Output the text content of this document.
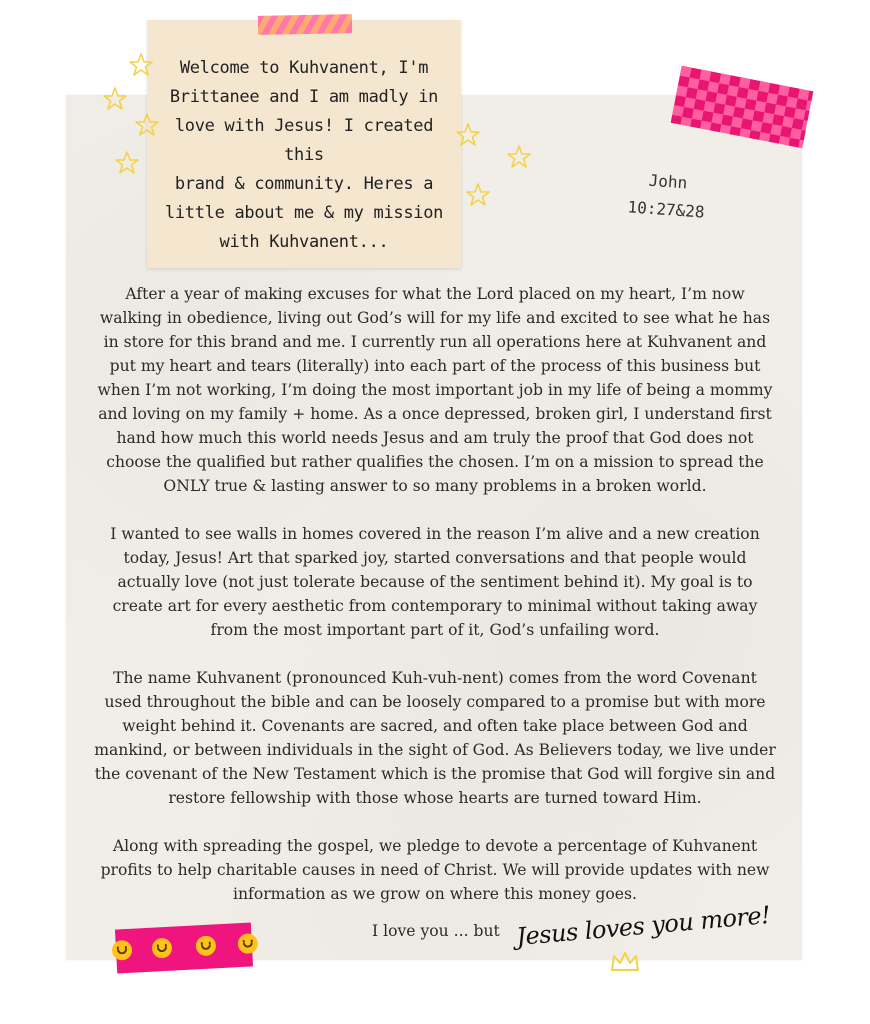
Welcome to Kuhvanent, I'm
Brittanee and I am madly in
love with Jesus! I created this
brand & community. Heres a
little about me & my mission
with Kuhvanent...
John
10:27&28

After a year of making excuses for what the Lord placed on my heart, I’m now walking in obedience, living out God’s will for my life and excited to see what he has in store for this brand and me. I currently run all operations here at Kuhvanent and put my heart and tears (literally) into each part of the process of this business but when I’m not working, I’m doing the most important job in my life of being a mommy and loving on my family + home. As a once depressed, broken girl, I understand first hand how much this world needs Jesus and am truly the proof that God does not choose the qualified but rather qualifies the chosen. I’m on a mission to spread the ONLY true & lasting answer to so many problems in a broken world.

I wanted to see walls in homes covered in the reason I’m alive and a new creation today, Jesus! Art that sparked joy, started conversations and that people would actually love (not just tolerate because of the sentiment behind it). My goal is to create art for every aesthetic from contemporary to minimal without taking away from the most important part of it, God’s unfailing word.

The name Kuhvanent (pronounced Kuh-vuh-nent) comes from the word Covenant used throughout the bible and can be loosely compared to a promise but with more weight behind it. Covenants are sacred, and often take place between God and mankind, or between individuals in the sight of God. As Believers today, we live under the covenant of the New Testament which is the promise that God will forgive sin and restore fellowship with those whose hearts are turned toward Him.

Along with spreading the gospel, we pledge to devote a percentage of Kuhvanent profits to help charitable causes in need of Christ. We will provide updates with new information as we grow on where this money goes.

I love you ... but Jesus loves you more!
